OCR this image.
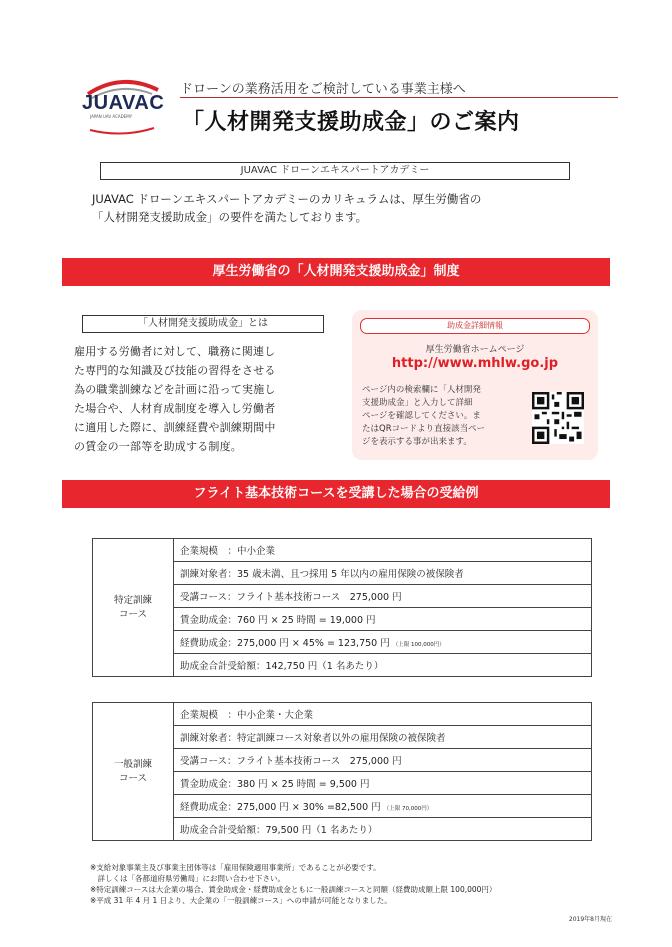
JUAVAC
JAPAN UAV ACADEMY
ドローンの業務活用をご検討している事業主様へ
「人材開発支援助成金」のご案内
JUAVAC ドローンエキスパートアカデミー
JUAVAC ドローンエキスパートアカデミーのカリキュラムは、厚生労働省の
「人材開発支援助成金」の要件を満たしております。
厚生労働省の「人材開発支援助成金」制度
「人材開発支援助成金」とは
雇用する労働者に対して、職務に関連し
た専門的な知識及び技能の習得をさせる
為の職業訓練などを計画に沿って実施し
た場合や、人材育成制度を導入し労働者
に適用した際に、訓練経費や訓練期間中
の賃金の一部等を助成する制度。
助成金詳細情報
厚生労働省ホームページ
http://www.mhlw.go.jp
ページ内の検索欄に「人材開発
支援助成金」と入力して詳細
ページを確認してください。ま
たはQRコードより直接該当ペー
ジを表示する事が出来ます。
フライト基本技術コースを受講した場合の受給例
特定訓練
コース
	企業規模　：中小企業
訓練対象者：35 歳未満、且つ採用 5 年以内の雇用保険の被保険者
受講コース：フライト基本技術コース　275,000 円
賃金助成金：760 円 × 25 時間 = 19,000 円
経費助成金：275,000 円 × 45% = 123,750 円 （上限 100,000円）
助成金合計受給額：142,750 円（1 名あたり）
一般訓練
コース
	企業規模　：中小企業・大企業
訓練対象者：特定訓練コース対象者以外の雇用保険の被保険者
受講コース：フライト基本技術コース　275,000 円
賃金助成金：380 円 × 25 時間 = 9,500 円
経費助成金：275,000 円 × 30% =82,500 円 （上限 70,000円）
助成金合計受給額：79,500 円（1 名あたり）
※支給対象事業主及び事業主団体等は「雇用保険適用事業所」であることが必要です。
　詳しくは「各都道府県労働局」にお問い合わせ下さい。
※特定訓練コースは大企業の場合、賃金助成金・経費助成金ともに一般訓練コースと同額（経費助成額上限 100,000円）
※平成 31 年 4 月 1 日より、大企業の「一般訓練コース」への申請が可能となりました。
2019年8月現在
